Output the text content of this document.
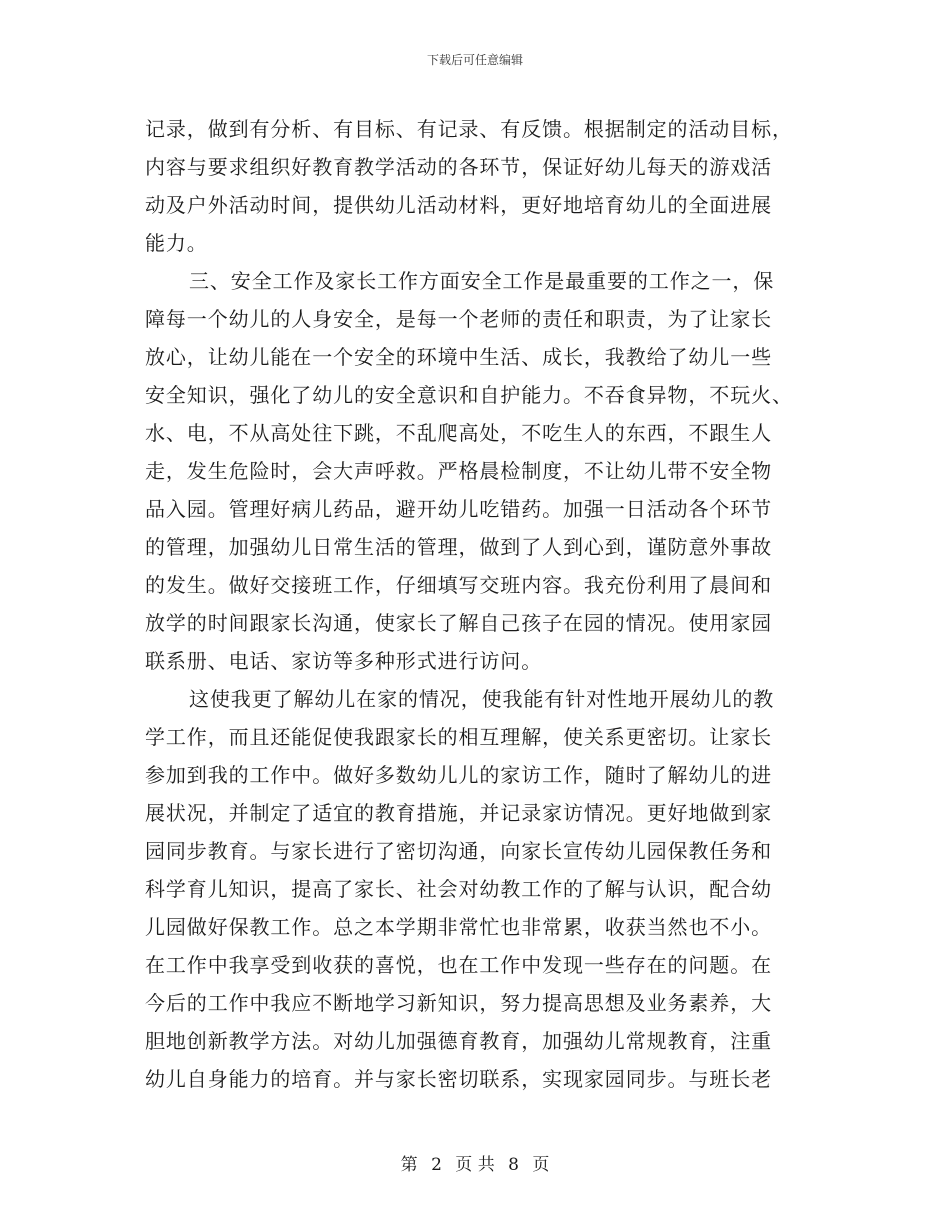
下载后可任意编辑
记录，做到有分析、有目标、有记录、有反馈。根据制定的活动目标，
内容与要求组织好教育教学活动的各环节，保证好幼儿每天的游戏活
动及户外活动时间，提供幼儿活动材料，更好地培育幼儿的全面进展
能力。
三、安全工作及家长工作方面安全工作是最重要的工作之一，保
障每一个幼儿的人身安全，是每一个老师的责任和职责，为了让家长
放心，让幼儿能在一个安全的环境中生活、成长，我教给了幼儿一些
安全知识，强化了幼儿的安全意识和自护能力。不吞食异物，不玩火、
水、电，不从高处往下跳，不乱爬高处，不吃生人的东西，不跟生人
走，发生危险时，会大声呼救。严格晨检制度，不让幼儿带不安全物
品入园。管理好病儿药品，避开幼儿吃错药。加强一日活动各个环节
的管理，加强幼儿日常生活的管理，做到了人到心到，谨防意外事故
的发生。做好交接班工作，仔细填写交班内容。我充份利用了晨间和
放学的时间跟家长沟通，使家长了解自己孩子在园的情况。使用家园
联系册、电话、家访等多种形式进行访问。
这使我更了解幼儿在家的情况，使我能有针对性地开展幼儿的教
学工作，而且还能促使我跟家长的相互理解，使关系更密切。让家长
参加到我的工作中。做好多数幼儿儿的家访工作，随时了解幼儿的进
展状况，并制定了适宜的教育措施，并记录家访情况。更好地做到家
园同步教育。与家长进行了密切沟通，向家长宣传幼儿园保教任务和
科学育儿知识，提高了家长、社会对幼教工作的了解与认识，配合幼
儿园做好保教工作。总之本学期非常忙也非常累，收获当然也不小。
在工作中我享受到收获的喜悦，也在工作中发现一些存在的问题。在
今后的工作中我应不断地学习新知识，努力提高思想及业务素养，大
胆地创新教学方法。对幼儿加强德育教育，加强幼儿常规教育，注重
幼儿自身能力的培育。并与家长密切联系，实现家园同步。与班长老
第 2 页 共 8 页
